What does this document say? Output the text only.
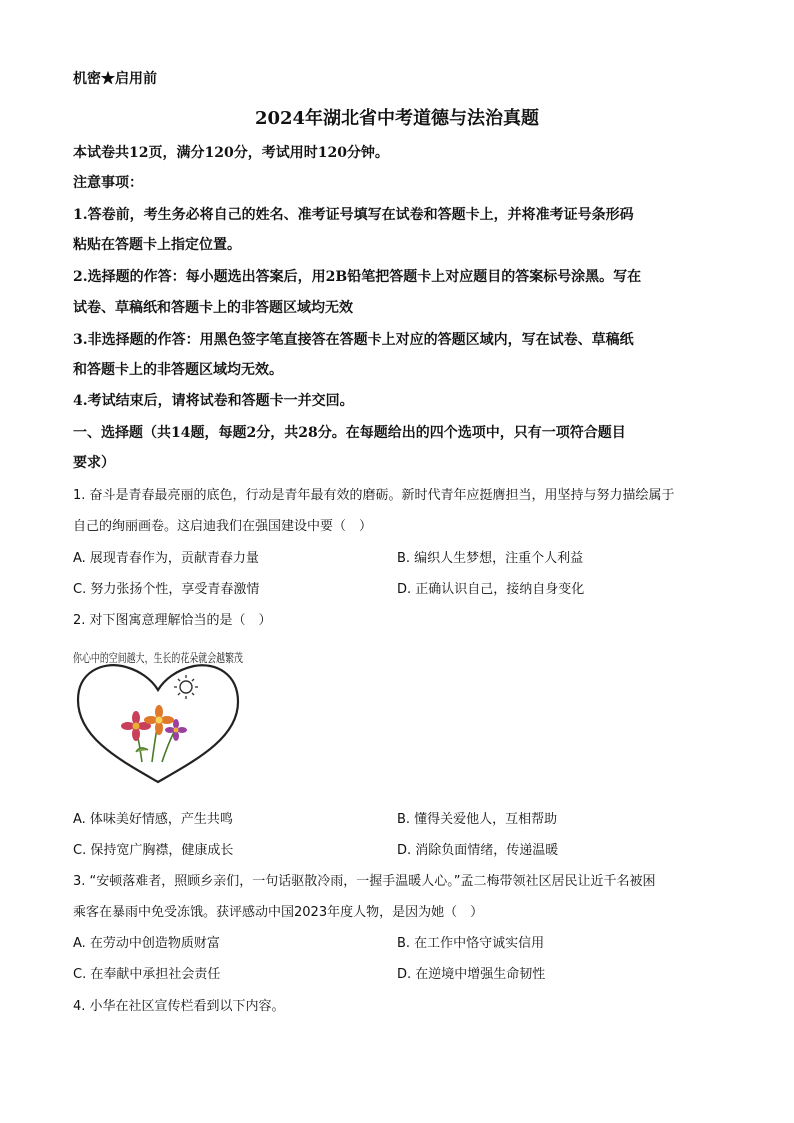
机密★启用前
2024年湖北省中考道德与法治真题
本试卷共12页，满分120分，考试用时120分钟。
注意事项：
1.答卷前，考生务必将自己的姓名、准考证号填写在试卷和答题卡上，并将准考证号条形码
粘贴在答题卡上指定位置。
2.选择题的作答：每小题选出答案后，用2B铅笔把答题卡上对应题目的答案标号涂黑。写在
试卷、草稿纸和答题卡上的非答题区域均无效
3.非选择题的作答：用黑色签字笔直接答在答题卡上对应的答题区域内，写在试卷、草稿纸
和答题卡上的非答题区域均无效。
4.考试结束后，请将试卷和答题卡一并交回。
一、选择题（共14题，每题2分，共28分。在每题给出的四个选项中，只有一项符合题目
要求）
1. 奋斗是青春最亮丽的底色，行动是青年最有效的磨砺。新时代青年应挺膺担当，用坚持与努力描绘属于
自己的绚丽画卷。这启迪我们在强国建设中要（　）
A. 展现青春作为，贡献青春力量	B. 编织人生梦想，注重个人利益
C. 努力张扬个性，享受青春激情	D. 正确认识自己，接纳自身变化
2. 对下图寓意理解恰当的是（　）
你心中的空间越大，生长的花朵就会越繁茂
A. 体味美好情感，产生共鸣	B. 懂得关爱他人，互相帮助
C. 保持宽广胸襟，健康成长	D. 消除负面情绪，传递温暖
3. “安顿落难者，照顾乡亲们，一句话驱散冷雨，一握手温暖人心。”孟二梅带领社区居民让近千名被困
乘客在暴雨中免受冻饿。获评感动中国2023年度人物，是因为她（　）
A. 在劳动中创造物质财富	B. 在工作中恪守诚实信用
C. 在奉献中承担社会责任	D. 在逆境中增强生命韧性
4. 小华在社区宣传栏看到以下内容。
